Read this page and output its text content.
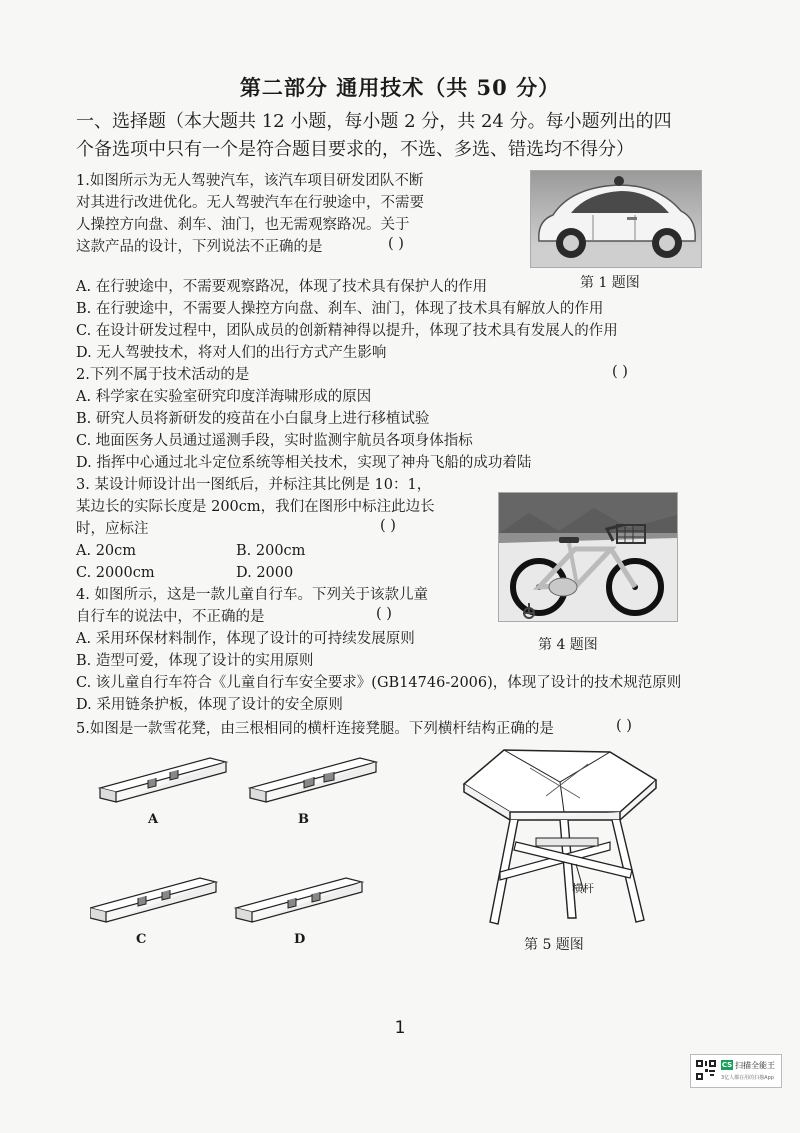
第二部分 通用技术（共 50 分）
一、选择题（本大题共 12 小题，每小题 2 分，共 24 分。每小题列出的四
个备选项中只有一个是符合题目要求的，不选、多选、错选均不得分）
1.如图所示为无人驾驶汽车，该汽车项目研发团队不断
对其进行改进优化。无人驾驶汽车在行驶途中，不需要
人操控方向盘、刹车、油门，也无需观察路况。关于
这款产品的设计，下列说法不正确的是	( )
第 1 题图
A. 在行驶途中，不需要观察路况，体现了技术具有保护人的作用
B. 在行驶途中，不需要人操控方向盘、刹车、油门，体现了技术具有解放人的作用
C. 在设计研发过程中，团队成员的创新精神得以提升，体现了技术具有发展人的作用
D. 无人驾驶技术，将对人们的出行方式产生影响
2.下列不属于技术活动的是	( )
A. 科学家在实验室研究印度洋海啸形成的原因
B. 研究人员将新研发的疫苗在小白鼠身上进行移植试验
C. 地面医务人员通过遥测手段，实时监测宇航员各项身体指标
D. 指挥中心通过北斗定位系统等相关技术，实现了神舟飞船的成功着陆
3. 某设计师设计出一图纸后，并标注其比例是 10：1，
某边长的实际长度是 200cm，我们在图形中标注此边长
时，应标注	( )
A. 20cm	B. 200cm
C. 2000cm	D. 2000
第 4 题图
4. 如图所示，这是一款儿童自行车。下列关于该款儿童
自行车的说法中，不正确的是	( )
A. 采用环保材料制作，体现了设计的可持续发展原则
B. 造型可爱，体现了设计的实用原则
C. 该儿童自行车符合《儿童自行车安全要求》(GB14746-2006)，体现了设计的技术规范原则
D. 采用链条护板，体现了设计的安全原则
5.如图是一款雪花凳，由三根相同的横杆连接凳腿。下列横杆结构正确的是	( )
A	B
C	D
横杆
第 5 题图
1
CS 扫描全能王
3亿人都在用的扫描App
